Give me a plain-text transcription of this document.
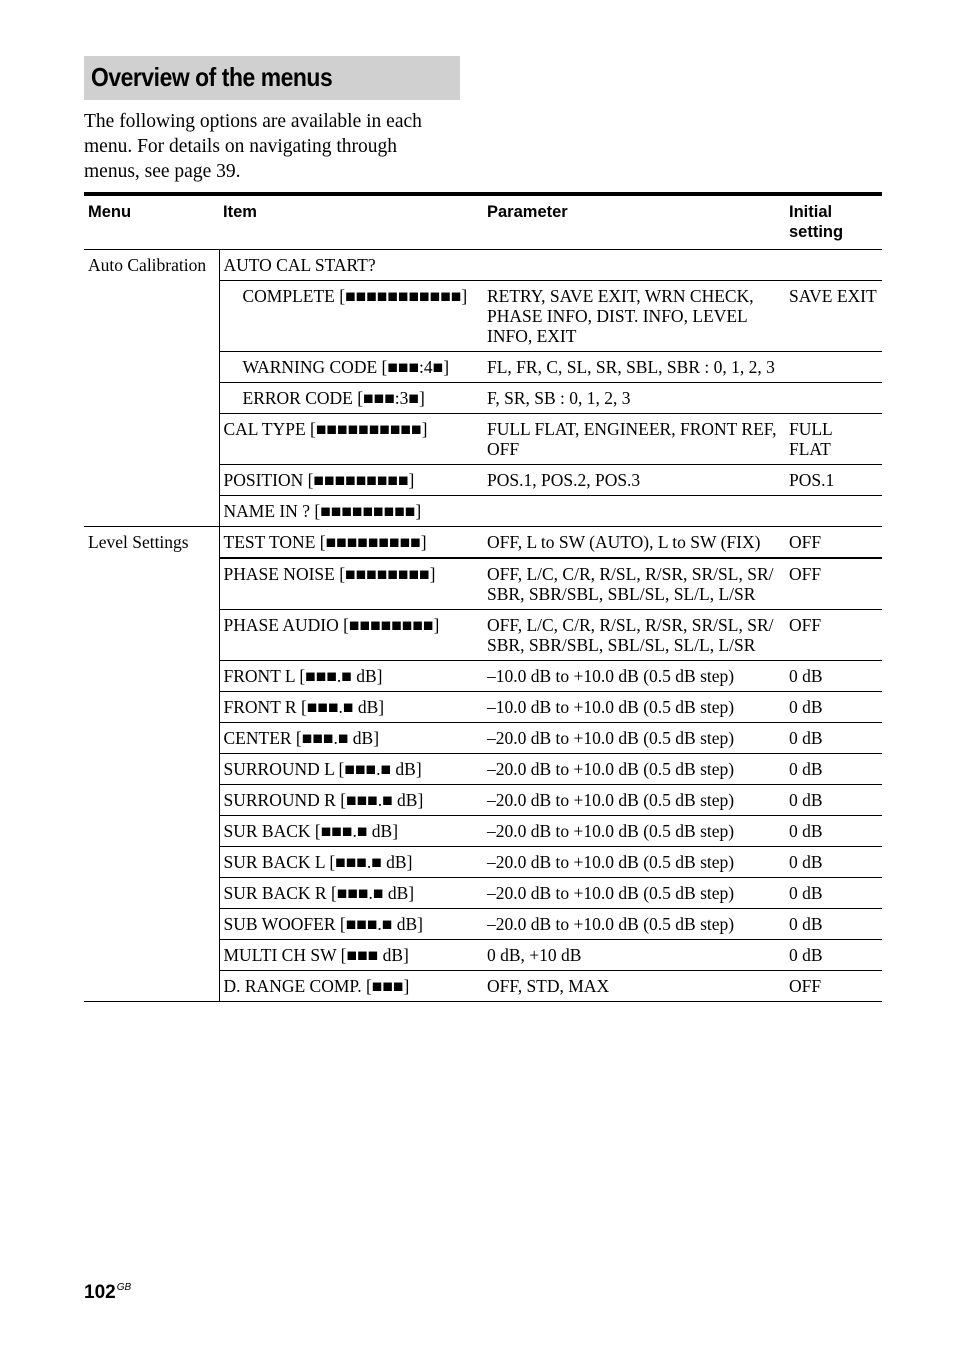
Overview of the menus
The following options are available in each
menu. For details on navigating through
menus, see page 39.
Menu	Item	Parameter	Initial setting
Auto Calibration	AUTO CAL START?		
	COMPLETE [■■■■■■■■■■■]	RETRY, SAVE EXIT, WRN CHECK, PHASE INFO, DIST. INFO, LEVEL INFO, EXIT	SAVE EXIT
	WARNING CODE [■■■:4■]	FL, FR, C, SL, SR, SBL, SBR : 0, 1, 2, 3	
	ERROR CODE [■■■:3■]	F, SR, SB : 0, 1, 2, 3	
	CAL TYPE [■■■■■■■■■■]	FULL FLAT, ENGINEER, FRONT REF, OFF	FULL FLAT
	POSITION [■■■■■■■■■]	POS.1, POS.2, POS.3	POS.1
	NAME IN ? [■■■■■■■■■]		
Level Settings	TEST TONE [■■■■■■■■■]	OFF, L to SW (AUTO), L to SW (FIX)	OFF
	PHASE NOISE [■■■■■■■■]	OFF, L/C, C/R, R/SL, R/SR, SR/SL, SR/ SBR, SBR/SBL, SBL/SL, SL/L, L/SR	OFF
	PHASE AUDIO [■■■■■■■■]	OFF, L/C, C/R, R/SL, R/SR, SR/SL, SR/ SBR, SBR/SBL, SBL/SL, SL/L, L/SR	OFF
	FRONT L [■■■.■ dB]	–10.0 dB to +10.0 dB (0.5 dB step)	0 dB
	FRONT R [■■■.■ dB]	–10.0 dB to +10.0 dB (0.5 dB step)	0 dB
	CENTER [■■■.■ dB]	–20.0 dB to +10.0 dB (0.5 dB step)	0 dB
	SURROUND L [■■■.■ dB]	–20.0 dB to +10.0 dB (0.5 dB step)	0 dB
	SURROUND R [■■■.■ dB]	–20.0 dB to +10.0 dB (0.5 dB step)	0 dB
	SUR BACK [■■■.■ dB]	–20.0 dB to +10.0 dB (0.5 dB step)	0 dB
	SUR BACK L [■■■.■ dB]	–20.0 dB to +10.0 dB (0.5 dB step)	0 dB
	SUR BACK R [■■■.■ dB]	–20.0 dB to +10.0 dB (0.5 dB step)	0 dB
	SUB WOOFER [■■■.■ dB]	–20.0 dB to +10.0 dB (0.5 dB step)	0 dB
	MULTI CH SW [■■■ dB]	0 dB, +10 dB	0 dB
	D. RANGE COMP. [■■■]	OFF, STD, MAX	OFF
$102^{GB}$
